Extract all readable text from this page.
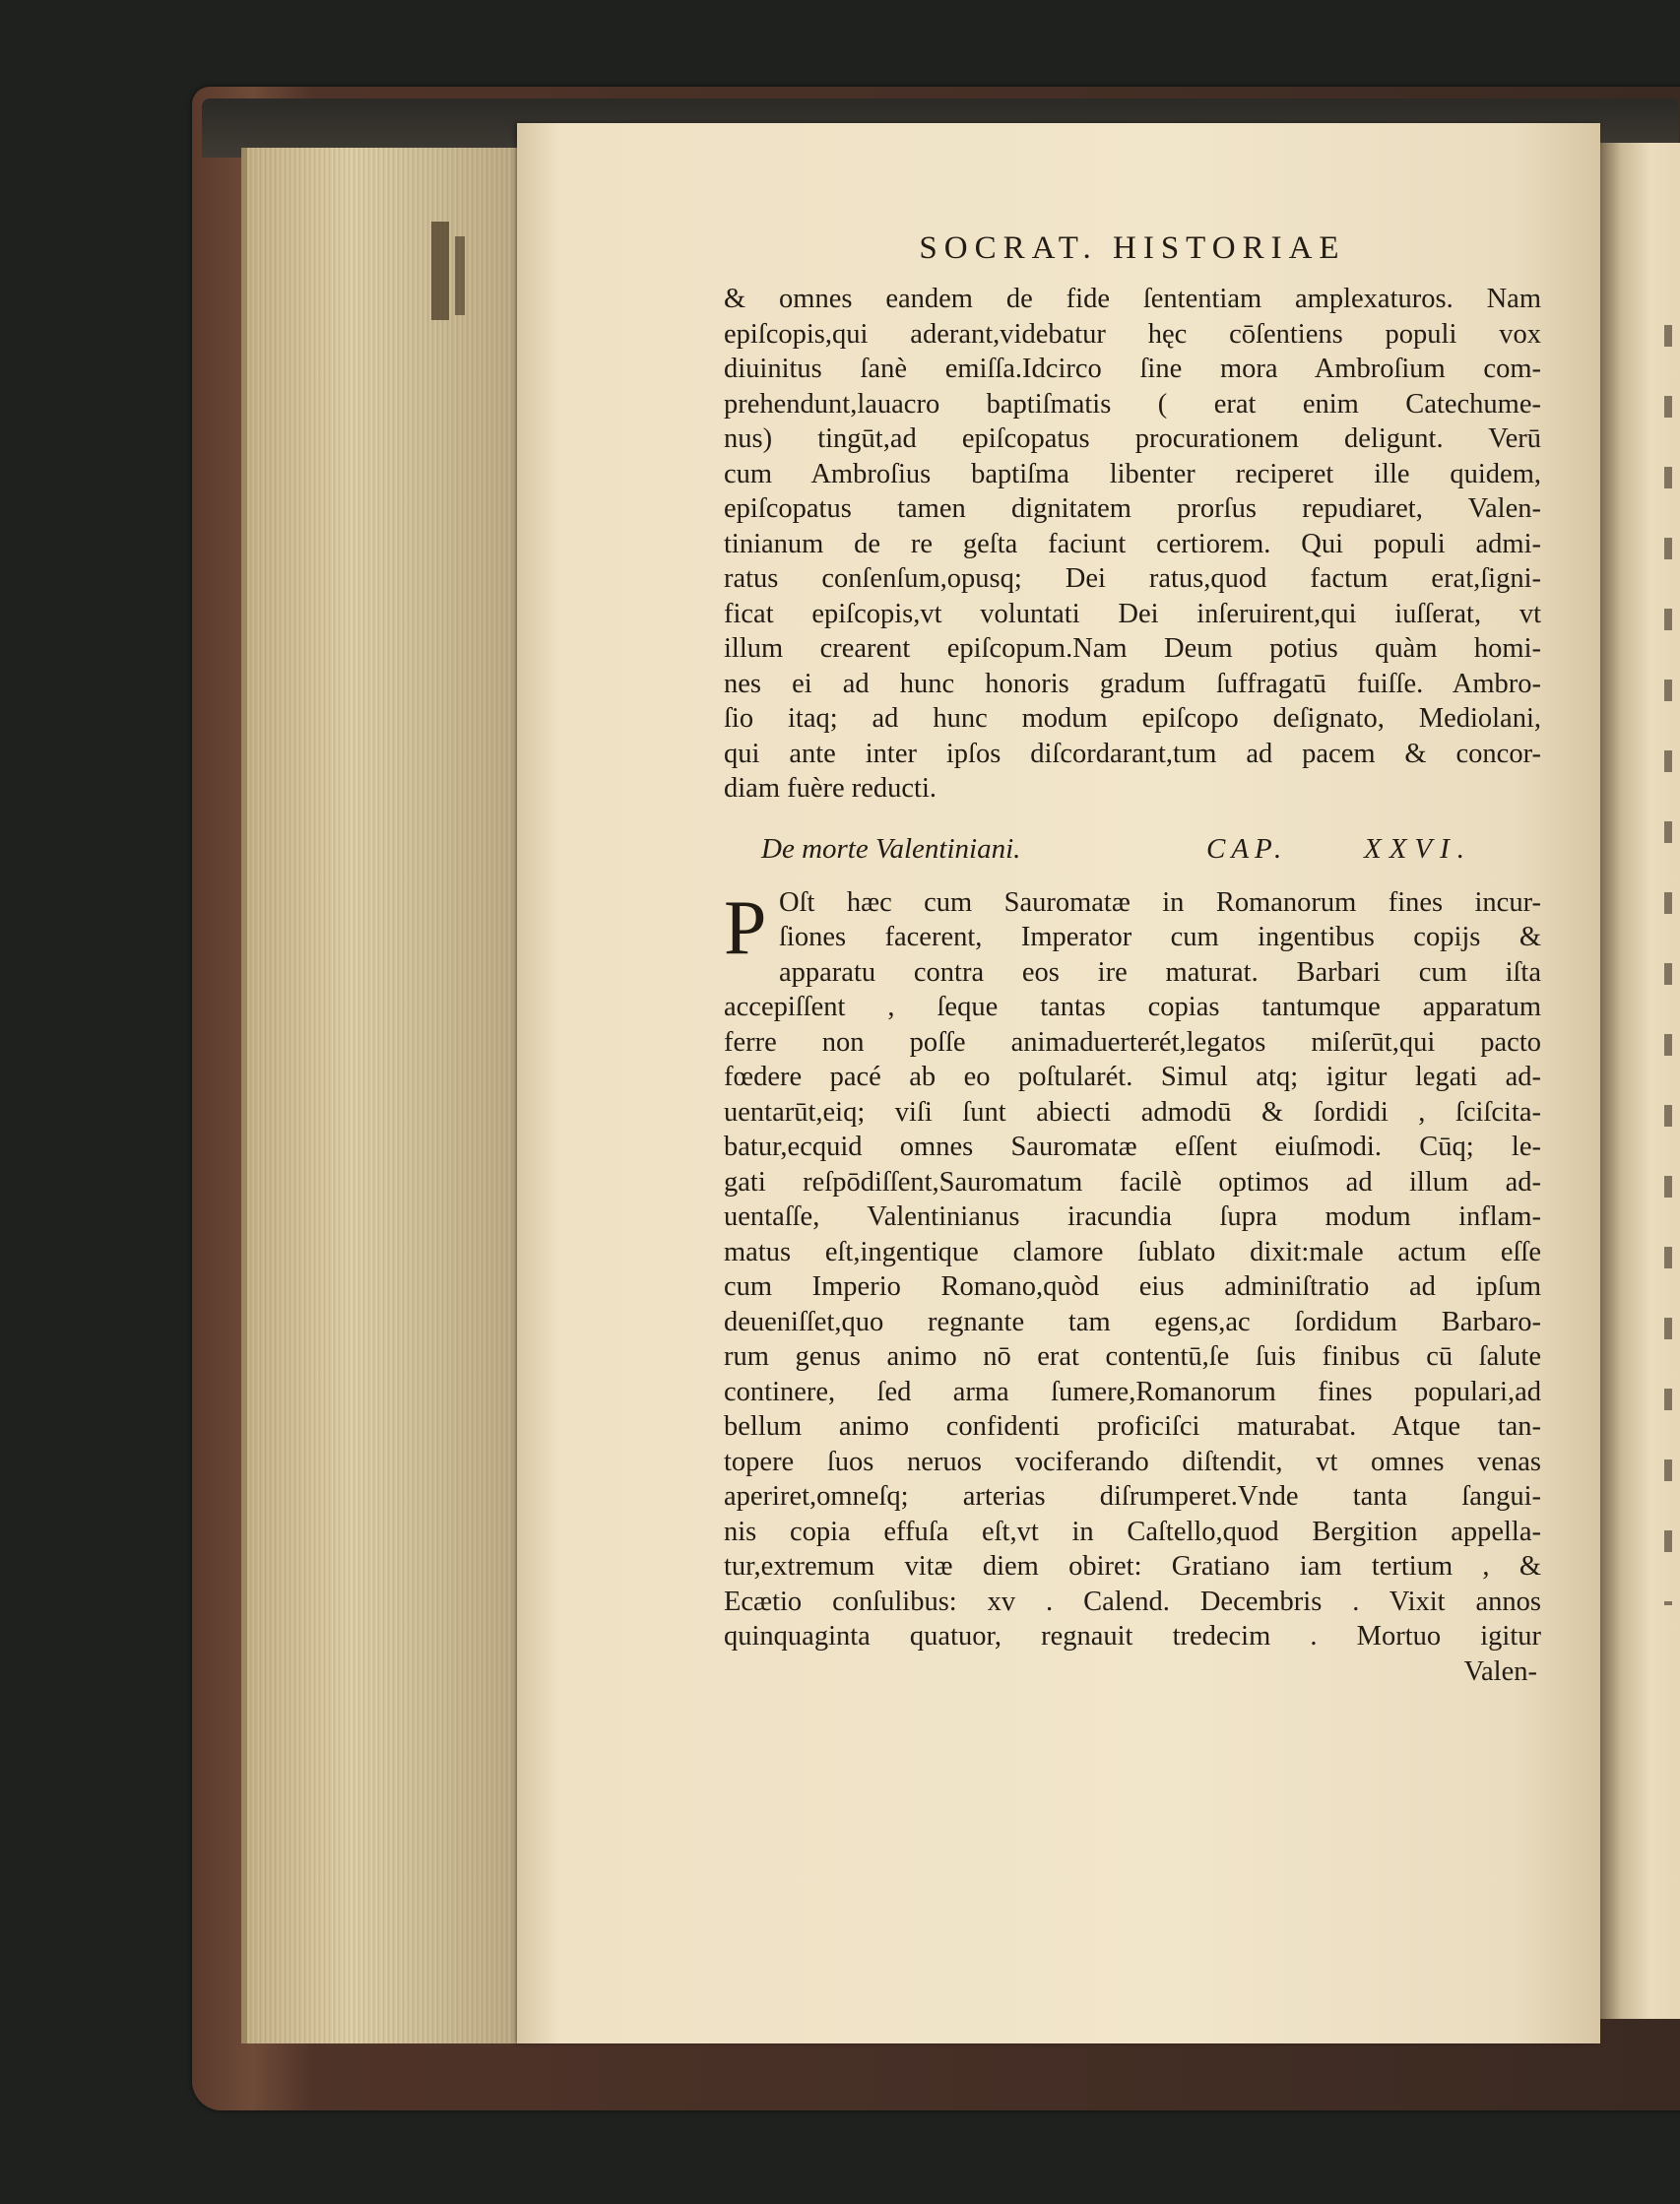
SOCRAT. HISTORIAE
& omnes eandem de fide ſententiam amplexaturos. Nam
epiſcopis,qui aderant,videbatur hęc cōſentiens populi vox
diuinitus ſanè emiſſa.Idcirco ſine mora Ambroſium com-
prehendunt,lauacro baptiſmatis ( erat enim Catechume-
nus) tingūt,ad epiſcopatus procurationem deligunt. Verū
cum Ambroſius baptiſma libenter reciperet ille quidem,
epiſcopatus tamen dignitatem prorſus repudiaret, Valen-
tinianum de re geſta faciunt certiorem. Qui populi admi-
ratus conſenſum,opusq; Dei ratus,quod factum erat,ſigni-
ficat epiſcopis,vt voluntati Dei inſeruirent,qui iuſſerat, vt
illum crearent epiſcopum.Nam Deum potius quàm homi-
nes ei ad hunc honoris gradum ſuffragatū fuiſſe. Ambro-
ſio itaq; ad hunc modum epiſcopo deſignato, Mediolani,
qui ante inter ipſos diſcordarant,tum ad pacem & concor-
diam fuère reducti.
De morte Valentiniani.	CAP.	XXVI.
P Oſt hæc cum Sauromatæ in Romanorum fines incur-
ſiones facerent, Imperator cum ingentibus copijs &
apparatu contra eos ire maturat. Barbari cum iſta
accepiſſent , ſeque tantas copias tantumque apparatum
ferre non poſſe animaduerterét,legatos miſerūt,qui pacto
fœdere pacé ab eo poſtularét. Simul atq; igitur legati ad-
uentarūt,eiq; viſi ſunt abiecti admodū & ſordidi , ſciſcita-
batur,ecquid omnes Sauromatæ eſſent eiuſmodi. Cūq; le-
gati reſpōdiſſent,Sauromatum facilè optimos ad illum ad-
uentaſſe, Valentinianus iracundia ſupra modum inflam-
matus eſt,ingentique clamore ſublato dixit:male actum eſſe
cum Imperio Romano,quòd eius adminiſtratio ad ipſum
deueniſſet,quo regnante tam egens,ac ſordidum Barbaro-
rum genus animo nō erat contentū,ſe ſuis finibus cū ſalute
continere, ſed arma ſumere,Romanorum fines populari,ad
bellum animo confidenti proficiſci maturabat. Atque tan-
topere ſuos neruos vociferando diſtendit, vt omnes venas
aperiret,omneſq; arterias diſrumperet.Vnde tanta ſangui-
nis copia effuſa eſt,vt in Caſtello,quod Bergition appella-
tur,extremum vitæ diem obiret: Gratiano iam tertium , &
Ecætio conſulibus: xv . Calend. Decembris . Vixit annos
quinquaginta quatuor, regnauit tredecim . Mortuo igitur
Valen-
